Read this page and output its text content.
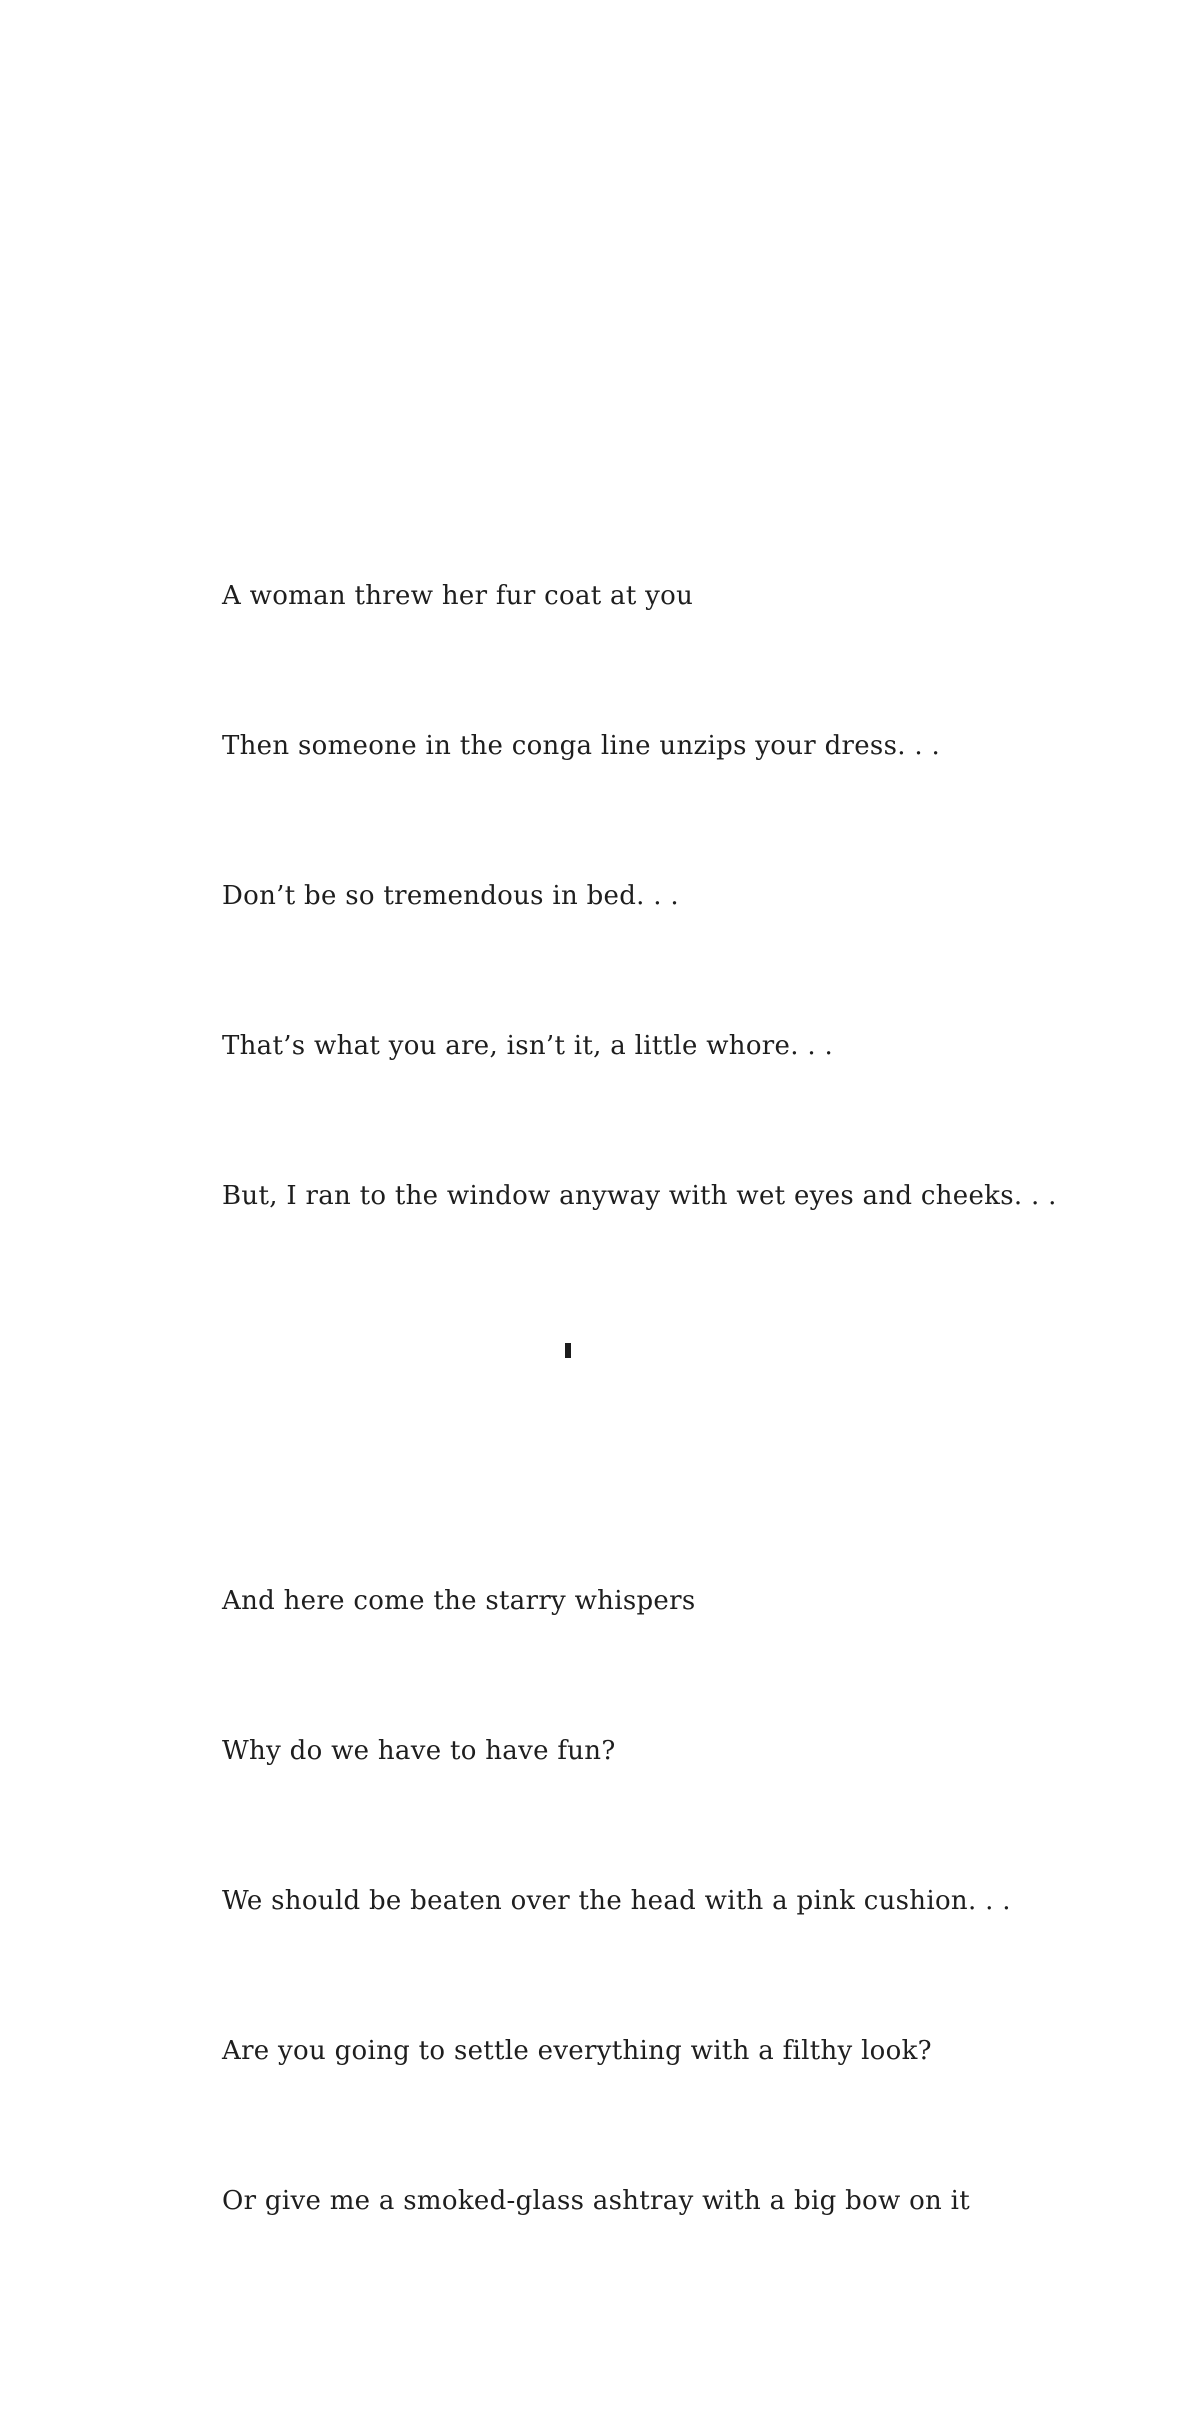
A woman threw her fur coat at you

Then someone in the conga line unzips your dress. . .

Don’t be so tremendous in bed. . .

That’s what you are, isn’t it, a little whore. . .

But, I ran to the window anyway with wet eyes and cheeks. . .

And here come the starry whispers

Why do we have to have fun?

We should be beaten over the head with a pink cushion. . .

Are you going to settle everything with a filthy look?

Or give me a smoked-glass ashtray with a big bow on it
